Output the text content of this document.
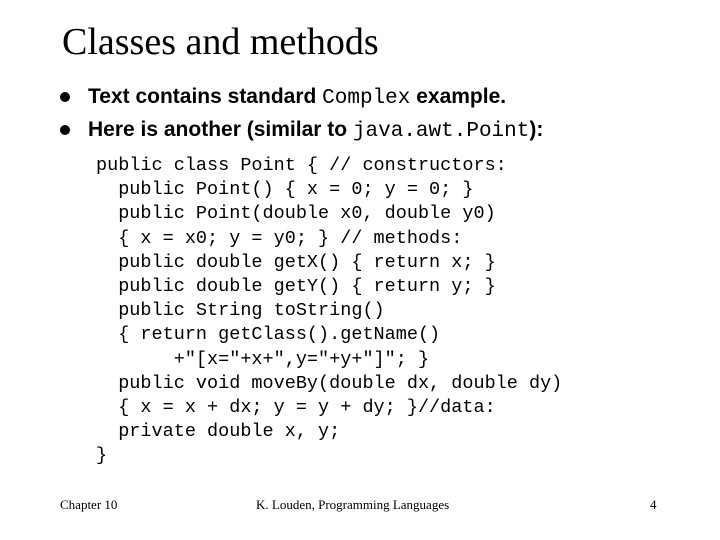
Classes and methods
Text contains standard Complex example.
Here is another (similar to java.awt.Point):
public class Point { // constructors:
public Point() { x = 0; y = 0; }
public Point(double x0, double y0)
{ x = x0; y = y0; } // methods:
public double getX() { return x; }
public double getY() { return y; }
public String toString()
{ return getClass().getName()
+"[x="+x+",y="+y+"]"; }
public void moveBy(double dx, double dy)
{ x = x + dx; y = y + dy; }//data:
private double x, y;
}
Chapter 10	K. Louden, Programming Languages	4
